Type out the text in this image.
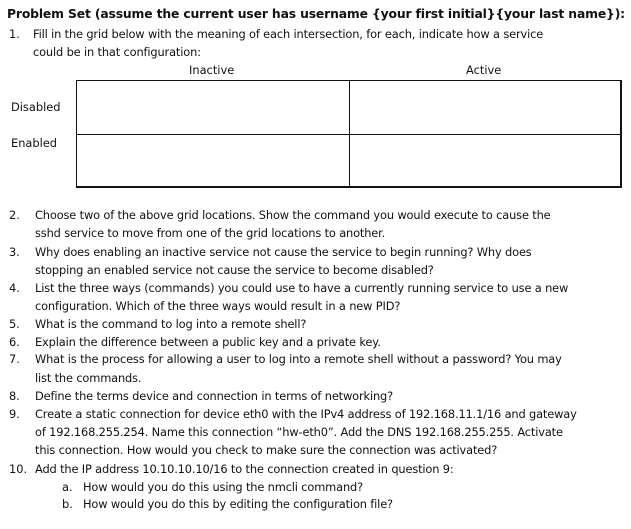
Problem Set (assume the current user has username {your first initial}{your last name}):
1. Fill in the grid below with the meaning of each intersection, for each, indicate how a service
could be in that configuration:
Inactive	Active
Disabled
Enabled
2. Choose two of the above grid locations. Show the command you would execute to cause the
sshd service to move from one of the grid locations to another.
3. Why does enabling an inactive service not cause the service to begin running? Why does
stopping an enabled service not cause the service to become disabled?
4. List the three ways (commands) you could use to have a currently running service to use a new
configuration. Which of the three ways would result in a new PID?
5. What is the command to log into a remote shell?
6. Explain the difference between a public key and a private key.
7. What is the process for allowing a user to log into a remote shell without a password? You may
list the commands.
8. Define the terms device and connection in terms of networking?
9. Create a static connection for device eth0 with the IPv4 address of 192.168.11.1/16 and gateway
of 192.168.255.254. Name this connection “hw-eth0”. Add the DNS 192.168.255.255. Activate
this connection. How would you check to make sure the connection was activated?
10. Add the IP address 10.10.10.10/16 to the connection created in question 9:
a. How would you do this using the nmcli command?
b. How would you do this by editing the configuration file?
